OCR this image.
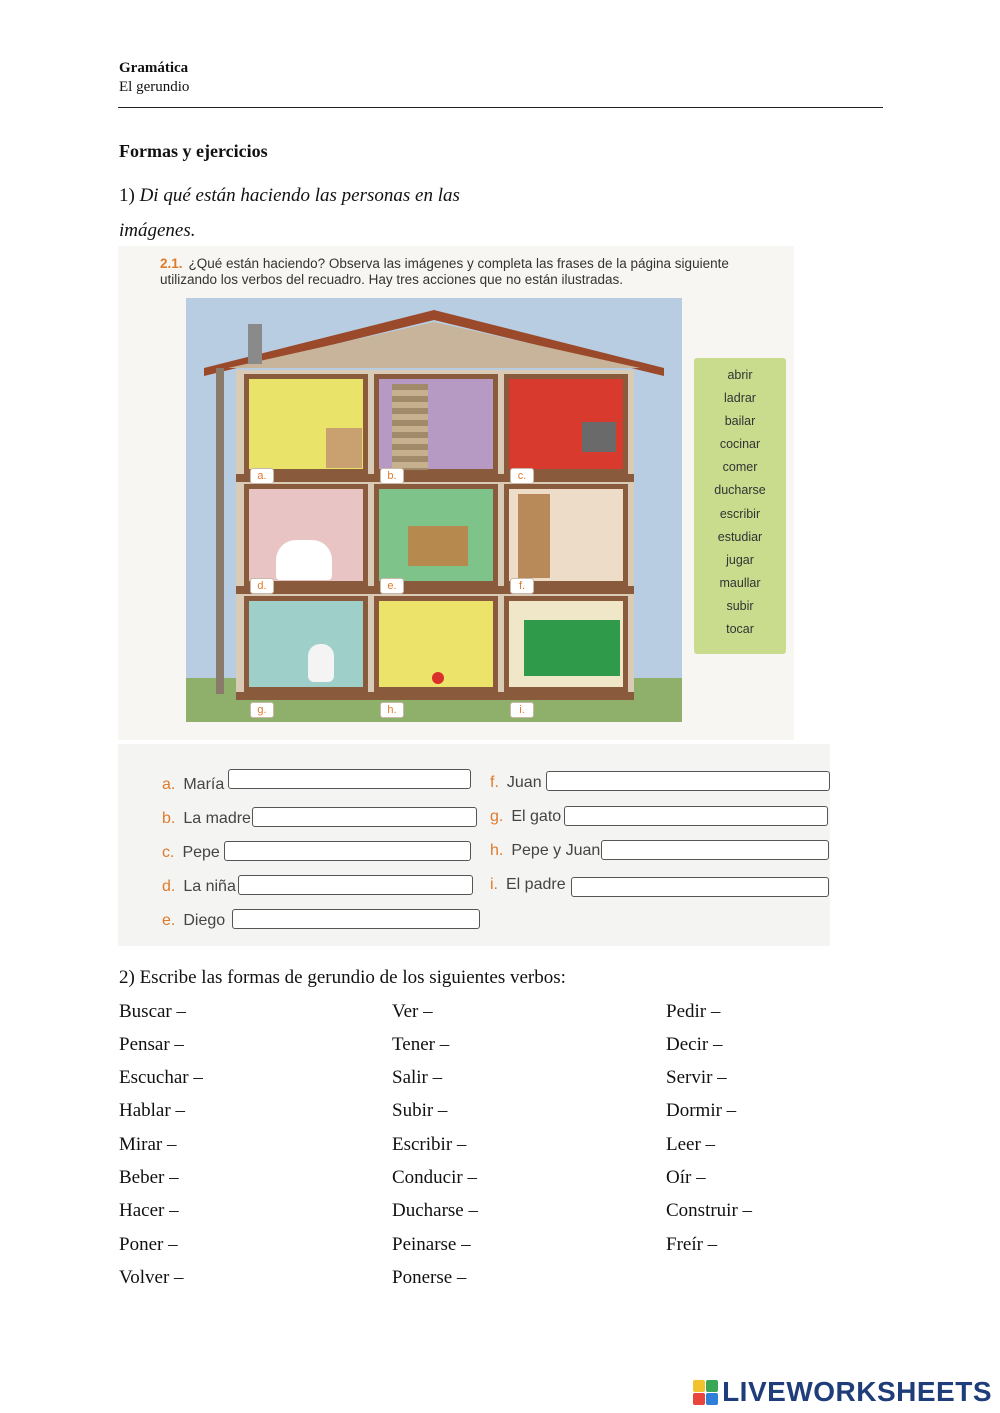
Gramática
El gerundio
Formas y ejercicios
1) Di qué están haciendo las personas en las imágenes.
2.1. ¿Qué están haciendo? Observa las imágenes y completa las frases de la página siguiente utilizando los verbos del recuadro. Hay tres acciones que no están ilustradas.
a.	b.	c.
d.	e.	f.
g.	h.	i.
abrir
ladrar
bailar
cocinar
comer
ducharse
escribir
estudiar
jugar
maullar
subir
tocar
a. María
b. La madre
c. Pepe
d. La niña
e. Diego
f. Juan
g. El gato
h. Pepe y Juan
i. El padre
2) Escribe las formas de gerundio de los siguientes verbos:
Buscar –
Pensar –
Escuchar –
Hablar –
Mirar –
Beber –
Hacer –
Poner –
Volver –
Ver –
Tener –
Salir –
Subir –
Escribir –
Conducir –
Ducharse –
Peinarse –
Ponerse –
Pedir –
Decir –
Servir –
Dormir –
Leer –
Oír –
Construir –
Freír –
LIVEWORKSHEETS
